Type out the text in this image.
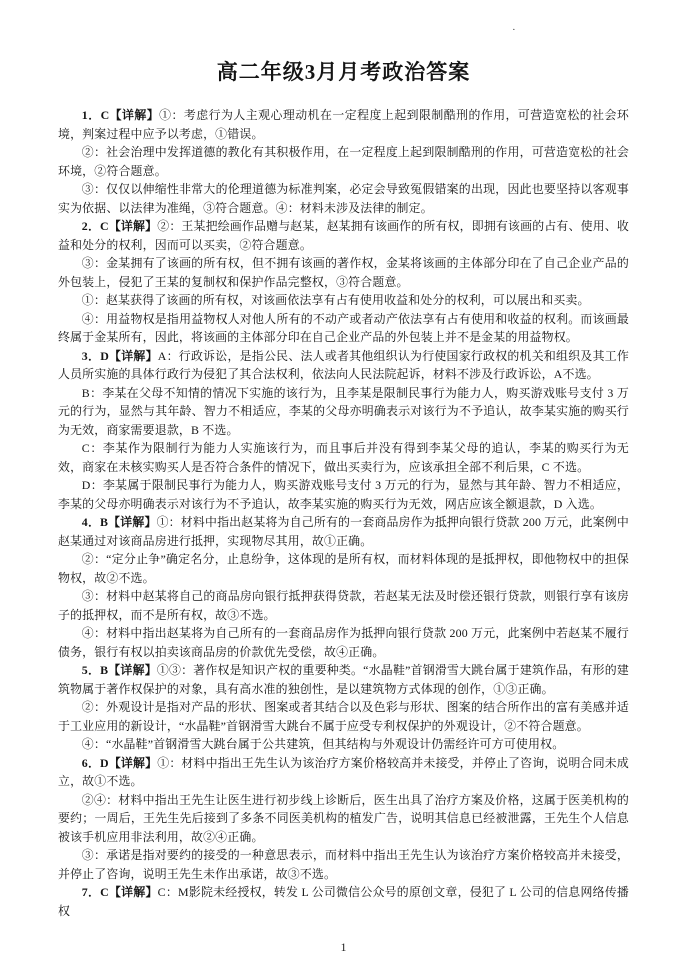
·
高二年级3月月考政治答案

1．C【详解】①：考虑行为人主观心理动机在一定程度上起到限制酷刑的作用，可营造宽松的社会环境，判案过程中应予以考虑，①错误。

②：社会治理中发挥道德的教化有其积极作用，在一定程度上起到限制酷刑的作用，可营造宽松的社会环境，②符合题意。

③：仅仅以伸缩性非常大的伦理道德为标准判案，必定会导致冤假错案的出现，因此也要坚持以客观事实为依据、以法律为准绳，③符合题意。④：材料未涉及法律的制定。

2．C【详解】②：王某把绘画作品赠与赵某，赵某拥有该画作的所有权，即拥有该画的占有、使用、收益和处分的权利，因而可以买卖，②符合题意。

③：金某拥有了该画的所有权，但不拥有该画的著作权，金某将该画的主体部分印在了自己企业产品的外包装上，侵犯了王某的复制权和保护作品完整权，③符合题意。

①：赵某获得了该画的所有权，对该画依法享有占有使用收益和处分的权利，可以展出和买卖。

④：用益物权是指用益物权人对他人所有的不动产或者动产依法享有占有使用和收益的权利。而该画最终属于金某所有，因此，将该画的主体部分印在自己企业产品的外包装上并不是金某的用益物权。

3．D【详解】A：行政诉讼，是指公民、法人或者其他组织认为行使国家行政权的机关和组织及其工作人员所实施的具体行政行为侵犯了其合法权利，依法向人民法院起诉，材料不涉及行政诉讼，A不选。

B：李某在父母不知情的情况下实施的该行为，且李某是限制民事行为能力人，购买游戏账号支付 3 万元的行为，显然与其年龄、智力不相适应，李某的父母亦明确表示对该行为不予追认，故李某实施的购买行为无效，商家需要退款，B 不选。

C：李某作为限制行为能力人实施该行为，而且事后并没有得到李某父母的追认，李某的购买行为无效，商家在未核实购买人是否符合条件的情况下，做出买卖行为，应该承担全部不利后果，C 不选。

D：李某属于限制民事行为能力人，购买游戏账号支付 3 万元的行为，显然与其年龄、智力不相适应，李某的父母亦明确表示对该行为不予追认，故李某实施的购买行为无效，网店应该全额退款，D 入选。

4．B【详解】①：材料中指出赵某将为自己所有的一套商品房作为抵押向银行贷款 200 万元，此案例中赵某通过对该商品房进行抵押，实现物尽其用，故①正确。

②：“定分止争”确定名分，止息纷争，这体现的是所有权，而材料体现的是抵押权，即他物权中的担保物权，故②不选。

③：材料中赵某将自己的商品房向银行抵押获得贷款，若赵某无法及时偿还银行贷款，则银行享有该房子的抵押权，而不是所有权，故③不选。

④：材料中指出赵某将为自己所有的一套商品房作为抵押向银行贷款 200 万元，此案例中若赵某不履行债务，银行有权以拍卖该商品房的价款优先受偿，故④正确。

5．B【详解】①③：著作权是知识产权的重要种类。“水晶鞋”首钢滑雪大跳台属于建筑作品，有形的建筑物属于著作权保护的对象，具有高水准的独创性，是以建筑物方式体现的创作，①③正确。

②：外观设计是指对产品的形状、图案或者其结合以及色彩与形状、图案的结合所作出的富有美感并适于工业应用的新设计，“水晶鞋”首钢滑雪大跳台不属于应受专利权保护的外观设计，②不符合题意。

④：“水晶鞋”首钢滑雪大跳台属于公共建筑，但其结构与外观设计仍需经许可方可使用权。

6．D【详解】①：材料中指出王先生认为该治疗方案价格较高并未接受，并停止了咨询，说明合同未成立，故①不选。

②④：材料中指出王先生让医生进行初步线上诊断后，医生出具了治疗方案及价格，这属于医美机构的要约；一周后，王先生先后接到了多条不同医美机构的植发广告，说明其信息已经被泄露，王先生个人信息被该手机应用非法利用，故②④正确。

③：承诺是指对要约的接受的一种意思表示，而材料中指出王先生认为该治疗方案价格较高并未接受，并停止了咨询，说明王先生未作出承诺，故③不选。

7．C【详解】C：M影院未经授权，转发 L 公司微信公众号的原创文章，侵犯了 L 公司的信息网络传播权

1
